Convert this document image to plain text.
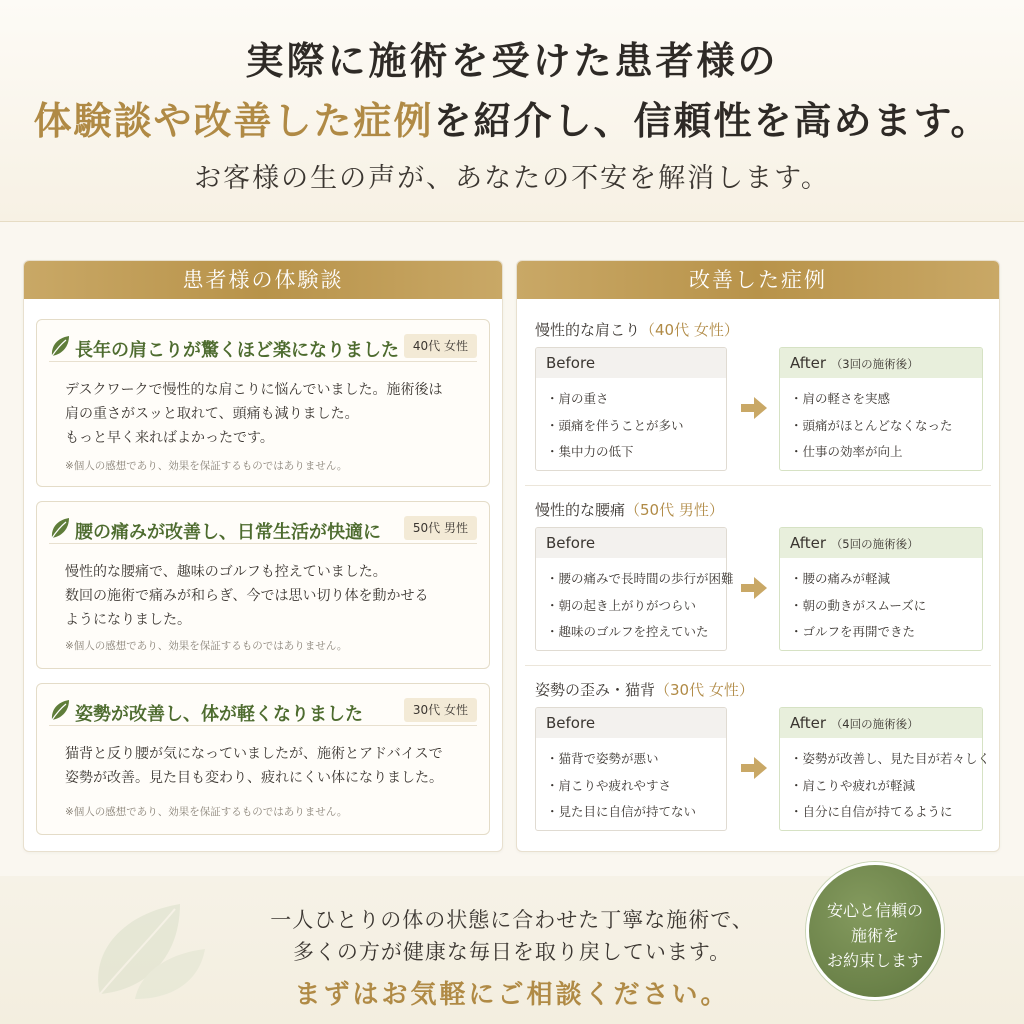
実際に施術を受けた患者様の
体験談や改善した症例を紹介し、信頼性を高めます。
お客様の生の声が、あなたの不安を解消します。
患者様の体験談
長年の肩こりが驚くほど楽になりました	40代 女性
デスクワークで慢性的な肩こりに悩んでいました。施術後は
肩の重さがスッと取れて、頭痛も減りました。
もっと早く来ればよかったです。
※個人の感想であり、効果を保証するものではありません。
腰の痛みが改善し、日常生活が快適に	50代 男性
慢性的な腰痛で、趣味のゴルフも控えていました。
数回の施術で痛みが和らぎ、今では思い切り体を動かせる
ようになりました。
※個人の感想であり、効果を保証するものではありません。
姿勢が改善し、体が軽くなりました	30代 女性
猫背と反り腰が気になっていましたが、施術とアドバイスで
姿勢が改善。見た目も変わり、疲れにくい体になりました。
※個人の感想であり、効果を保証するものではありません。
改善した症例
慢性的な肩こり（40代 女性）
Before
・肩の重さ
・頭痛を伴うことが多い
・集中力の低下
After （3回の施術後）
・肩の軽さを実感
・頭痛がほとんどなくなった
・仕事の効率が向上
慢性的な腰痛（50代 男性）
Before
・腰の痛みで長時間の歩行が困難
・朝の起き上がりがつらい
・趣味のゴルフを控えていた
After （5回の施術後）
・腰の痛みが軽減
・朝の動きがスムーズに
・ゴルフを再開できた
姿勢の歪み・猫背（30代 女性）
Before
・猫背で姿勢が悪い
・肩こりや疲れやすさ
・見た目に自信が持てない
After （4回の施術後）
・姿勢が改善し、見た目が若々しく
・肩こりや疲れが軽減
・自分に自信が持てるように
一人ひとりの体の状態に合わせた丁寧な施術で、
多くの方が健康な毎日を取り戻しています。
まずはお気軽にご相談ください。
安心と信頼の
施術を
お約束します
